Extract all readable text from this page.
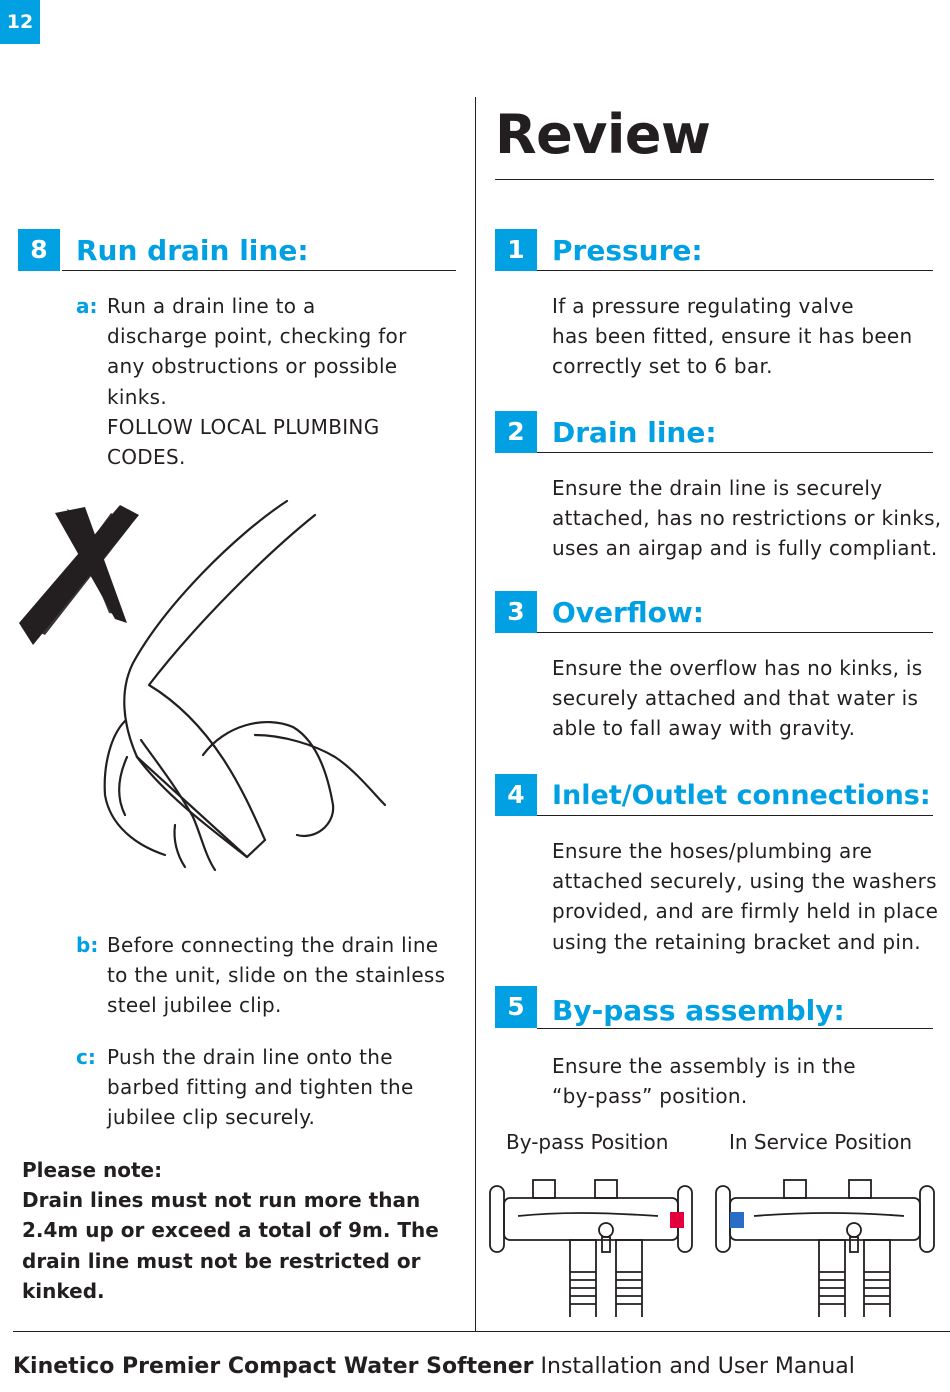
12
8	Run drain line:
a: Run a drain line to a
discharge point, checking for
any obstructions or possible
kinks.
FOLLOW LOCAL PLUMBING
CODES.
b: Before connecting the drain line
to the unit, slide on the stainless
steel jubilee clip.
c: Push the drain line onto the
barbed fitting and tighten the
jubilee clip securely.
Please note:
Drain lines must not run more than
2.4m up or exceed a total of 9m. The
drain line must not be restricted or
kinked.
Review
1 Pressure:
If a pressure regulating valve
has been fitted, ensure it has been
correctly set to 6 bar.
2 Drain line:
Ensure the drain line is securely
attached, has no restrictions or kinks,
uses an airgap and is fully compliant.
3 Overflow:
Ensure the overflow has no kinks, is
securely attached and that water is
able to fall away with gravity.
4	Inlet/Outlet connections:
Ensure the hoses/plumbing are
attached securely, using the washers
provided, and are firmly held in place
using the retaining bracket and pin.
5 By-pass assembly:
Ensure the assembly is in the
“by-pass” position.
By-pass Position	In Service Position
Kinetico Premier Compact Water Softener Installation and User Manual
